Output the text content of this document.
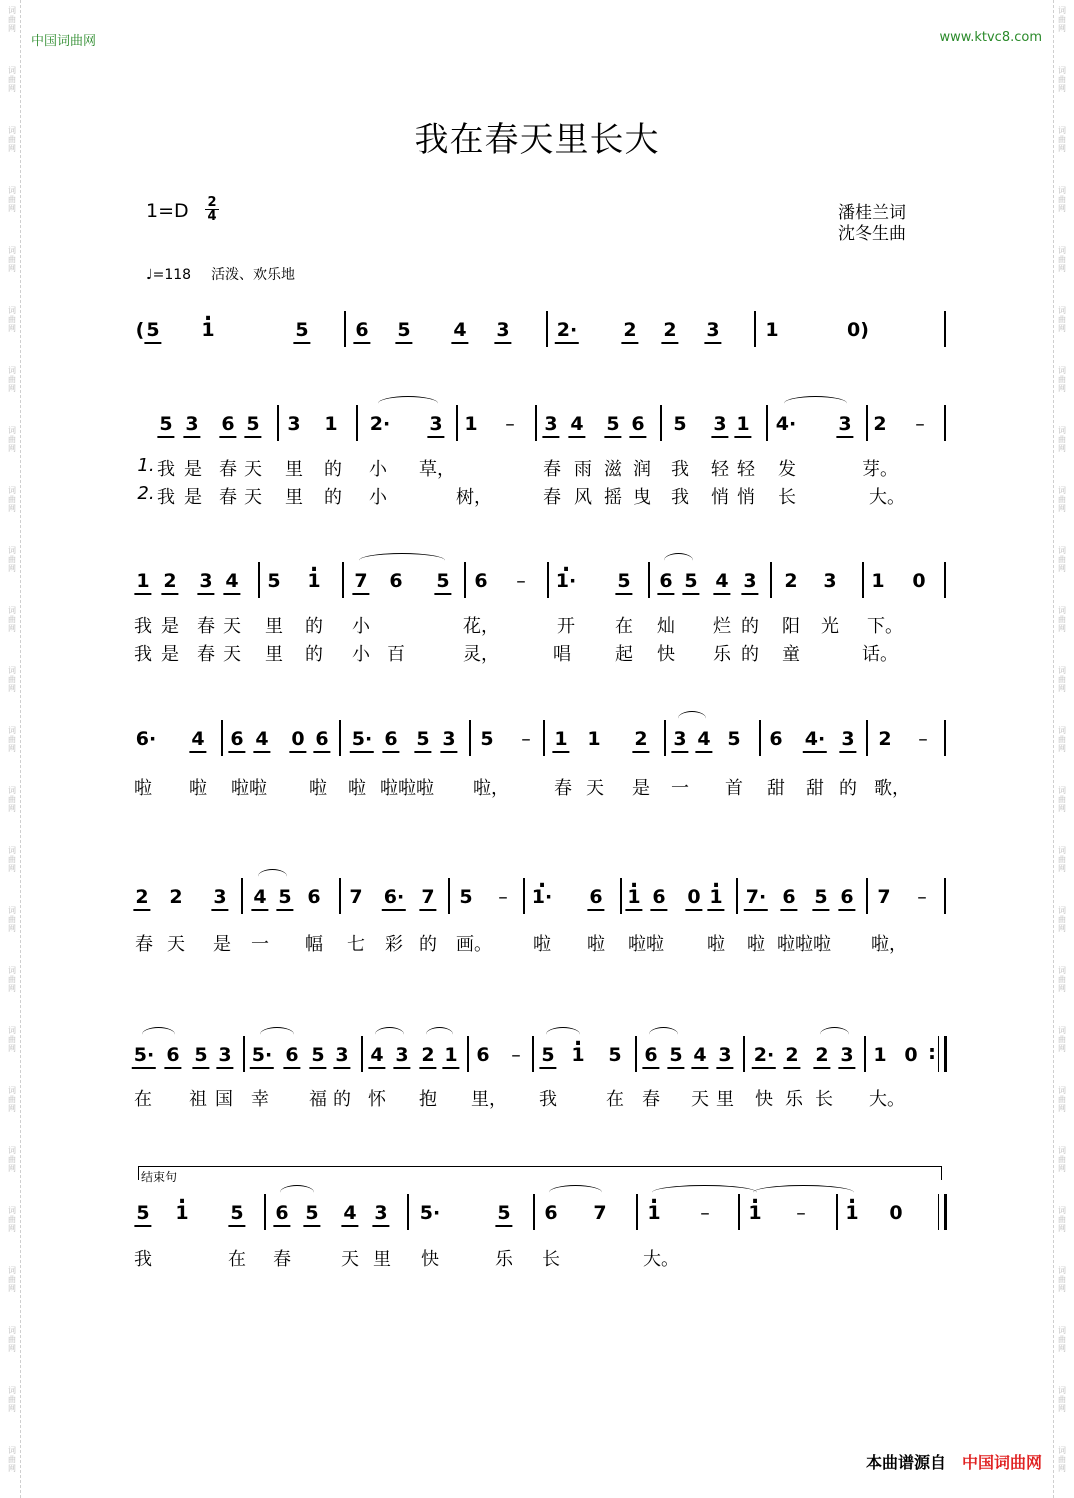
词曲网
词曲网
词曲网
词曲网
词曲网
词曲网
词曲网
词曲网
词曲网
词曲网
词曲网
词曲网
词曲网
词曲网
词曲网
词曲网
词曲网
词曲网
词曲网
词曲网
词曲网
词曲网
词曲网
词曲网
词曲网
词曲网
词曲网
词曲网
词曲网
词曲网
词曲网
词曲网
词曲网
词曲网
词曲网
词曲网
词曲网
词曲网
词曲网
词曲网
词曲网
词曲网
词曲网
词曲网
词曲网
词曲网
词曲网
词曲网
词曲网
词曲网
中国词曲网	www.ktvc8.com
我在春天里长大
1=D 2
4	潘桂兰词
沈冬生曲
♩=118 活泼、欢乐地
( 5 1 .	5 6 5 4 3 2· 2 2 3 1	0)
5 3 6 5 3 1 2· 3 1 – 3 4 5 6 5 3 1 4· 3 2 –
1 2 3 4 5 1 . 7 6 5 6 – 1· . 5 6 5 4 3 2 3 1 0
6· 4 6 4 0 6 5· 6 5 3 5 – 1 1 2 3 4 5 6 4· 3 2 –
2 2 3 4 5 6 7 6· 7 5 – 1· . 6 1 . 6 0 1 . 7· 6 5 6 7 –
5· 6 5 3 5· 6 5 3 4 3 2 1 6 – 5 1 . 5 6 5 4 3 2· 2 2 3 1 0
:
5 1 . 5 6 5 4 3 5·	5 6 7 1 . – 1 . – 1 . 0
1. 我 是 春 天 里 的 小 草，	春 雨 滋 润 我 轻 轻 发	芽。
2. 我 是 春 天 里 的 小	树，	春 风 摇 曳 我 悄 悄 长	大。
我 是 春 天 里 的 小	花，	开 在 灿 烂 的 阳 光 下。
我 是 春 天 里 的 小 百	灵，	唱 起 快 乐 的 童	话。
啦 啦 啦啦 啦 啦 啦啦啦 啦，	春 天 是 一 首 甜 甜 的 歌，
春 天 是 一 幅 七 彩 的 画。 啦 啦 啦啦 啦 啦 啦啦啦 啦，
在 祖 国 幸 福 的 怀 抱 里， 我	在 春 天 里 快 乐 长 大。
我	在 春	天 里 快	乐 长	大。
结束句
本曲谱源自 中国词曲网
